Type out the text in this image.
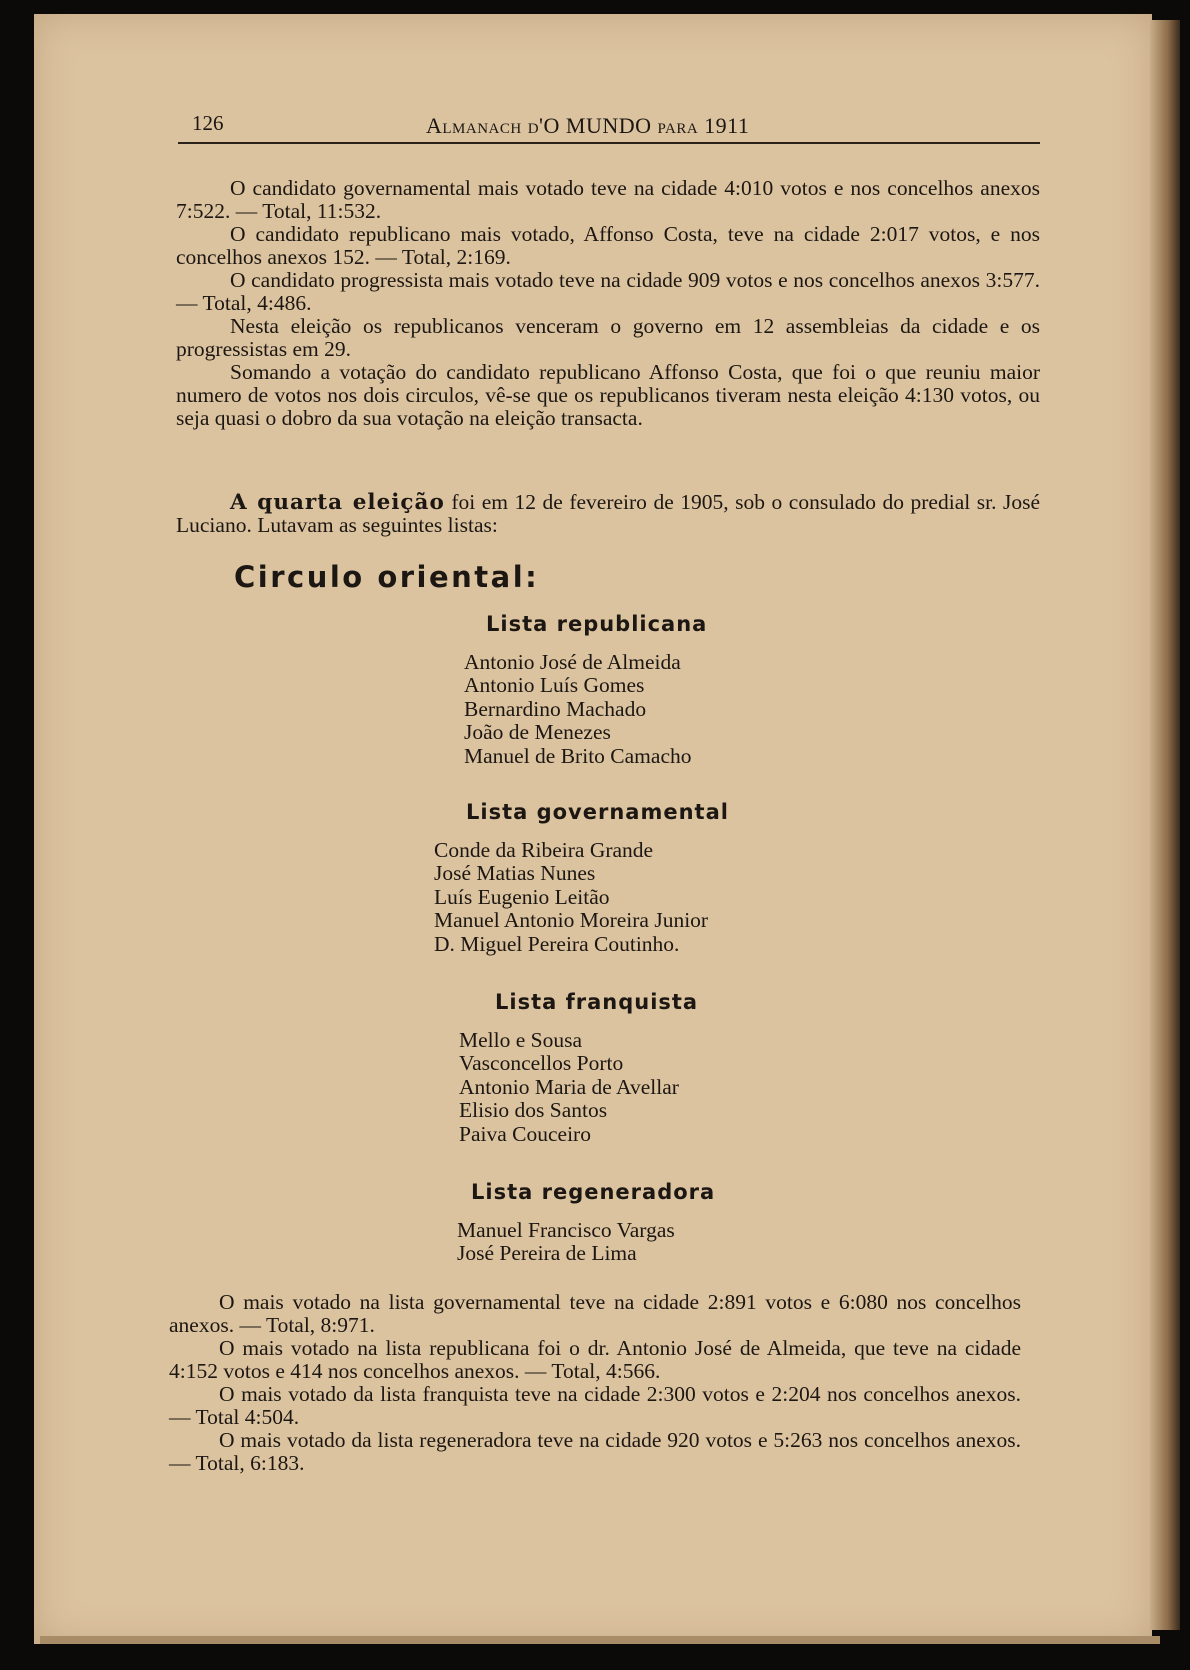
126	Almanach d'O MUNDO para 1911

O candidato governamental mais votado teve na cidade 4:010 votos e nos concelhos anexos 7:522. — Total, 11:532.

O candidato republicano mais votado, Affonso Costa, teve na cidade 2:017 votos, e nos concelhos anexos 152. — Total, 2:169.

O candidato progressista mais votado teve na cidade 909 votos e nos concelhos anexos 3:577. — Total, 4:486.

Nesta eleição os republicanos venceram o governo em 12 assembleias da cidade e os progressistas em 29.

Somando a votação do candidato republicano Affonso Costa, que foi o que reuniu maior numero de votos nos dois circulos, vê-se que os republicanos tiveram nesta eleição 4:130 votos, ou seja quasi o dobro da sua votação na eleição transacta.

A quarta eleição foi em 12 de fevereiro de 1905, sob o consulado do predial sr. José Luciano. Lutavam as seguintes listas:

Circulo oriental:
Lista republicana
Antonio José de Almeida
Antonio Luís Gomes
Bernardino Machado
João de Menezes
Manuel de Brito Camacho
Lista governamental
Conde da Ribeira Grande
José Matias Nunes
Luís Eugenio Leitão
Manuel Antonio Moreira Junior
D. Miguel Pereira Coutinho.
Lista franquista
Mello e Sousa
Vasconcellos Porto
Antonio Maria de Avellar
Elisio dos Santos
Paiva Couceiro
Lista regeneradora
Manuel Francisco Vargas
José Pereira de Lima

O mais votado na lista governamental teve na cidade 2:891 votos e 6:080 nos concelhos anexos. — Total, 8:971.

O mais votado na lista republicana foi o dr. Antonio José de Almeida, que teve na cidade 4:152 votos e 414 nos concelhos anexos. — Total, 4:566.

O mais votado da lista franquista teve na cidade 2:300 votos e 2:204 nos concelhos anexos. — Total 4:504.

O mais votado da lista regeneradora teve na cidade 920 votos e 5:263 nos concelhos anexos. — Total, 6:183.
